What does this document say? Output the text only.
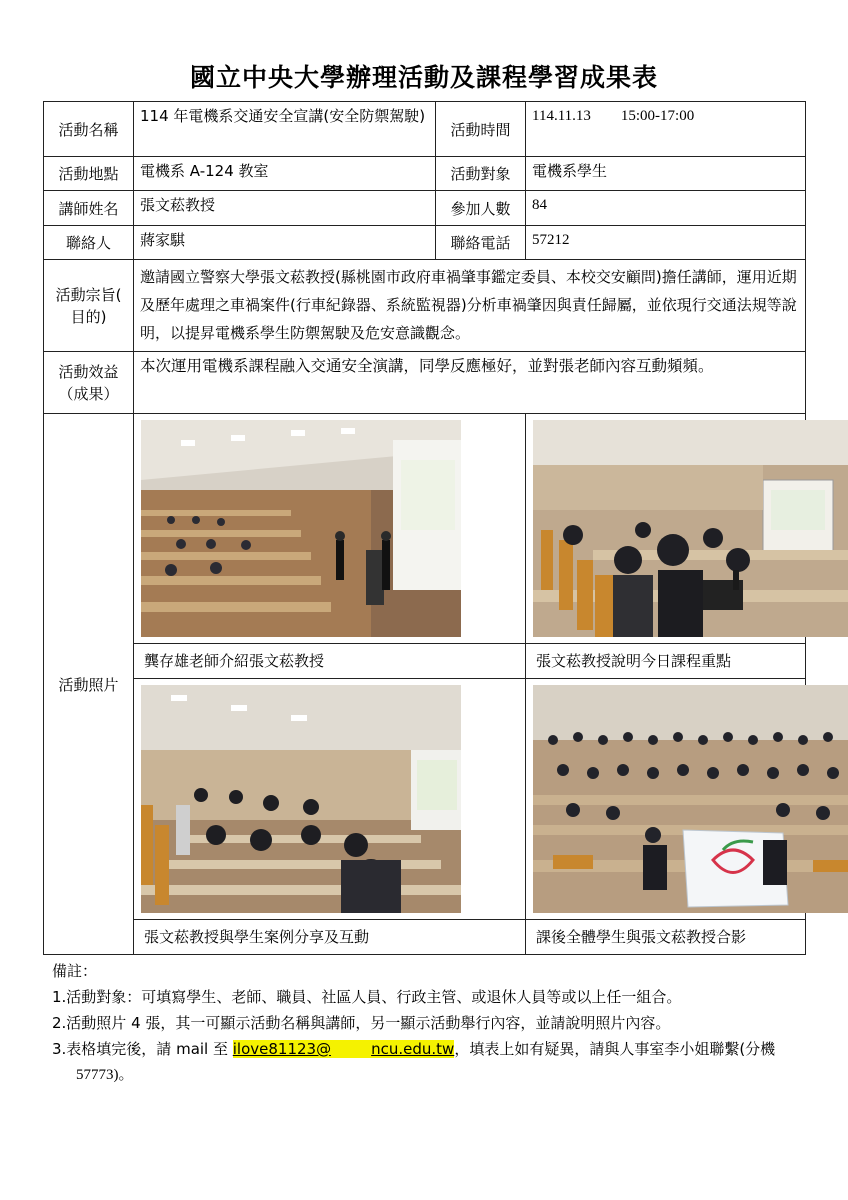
國立中央大學辦理活動及課程學習成果表
活動名稱	114 年電機系交通安全宣講(安全防禦駕駛)	活動時間	114.11.13　　15:00-17:00
活動地點	電機系 A-124 教室	活動對象	電機系學生
講師姓名	張文菘教授	參加人數	84
聯絡人	蔣家騏	聯絡電話	57212

活動宗旨(
目的)	邀請國立警察大學張文菘教授(縣桃園市政府車禍肇事鑑定委員、本校交安顧問)擔任講師，運用近期及歷年處理之車禍案件(行車紀錄器、系統監視器)分析車禍肇因與責任歸屬，並依現行交通法規等說明，以提昇電機系學生防禦駕駛及危安意識觀念。		

活動效益
（成果）	本次運用電機系課程融入交通安全演講，同學反應極好，並對張老師內容互動頻頻。		
活動照片	龔存雄老師介紹張文菘教授		張文菘教授說明今日課程重點

	張文菘教授與學生案例分享及互動		課後全體學生與張文菘教授合影
備註：
1.活動對象：可填寫學生、老師、職員、社區人員、行政主管、或退休人員等或以上任一組合。
2.活動照片 4 張，其一可顯示活動名稱與講師，另一顯示活動舉行內容，並請說明照片內容。
3.表格填完後，請 mail 至 ilove81123@	ncu.edu.tw，填表上如有疑異，請與人事室李小姐聯繫(分機
57773)。
